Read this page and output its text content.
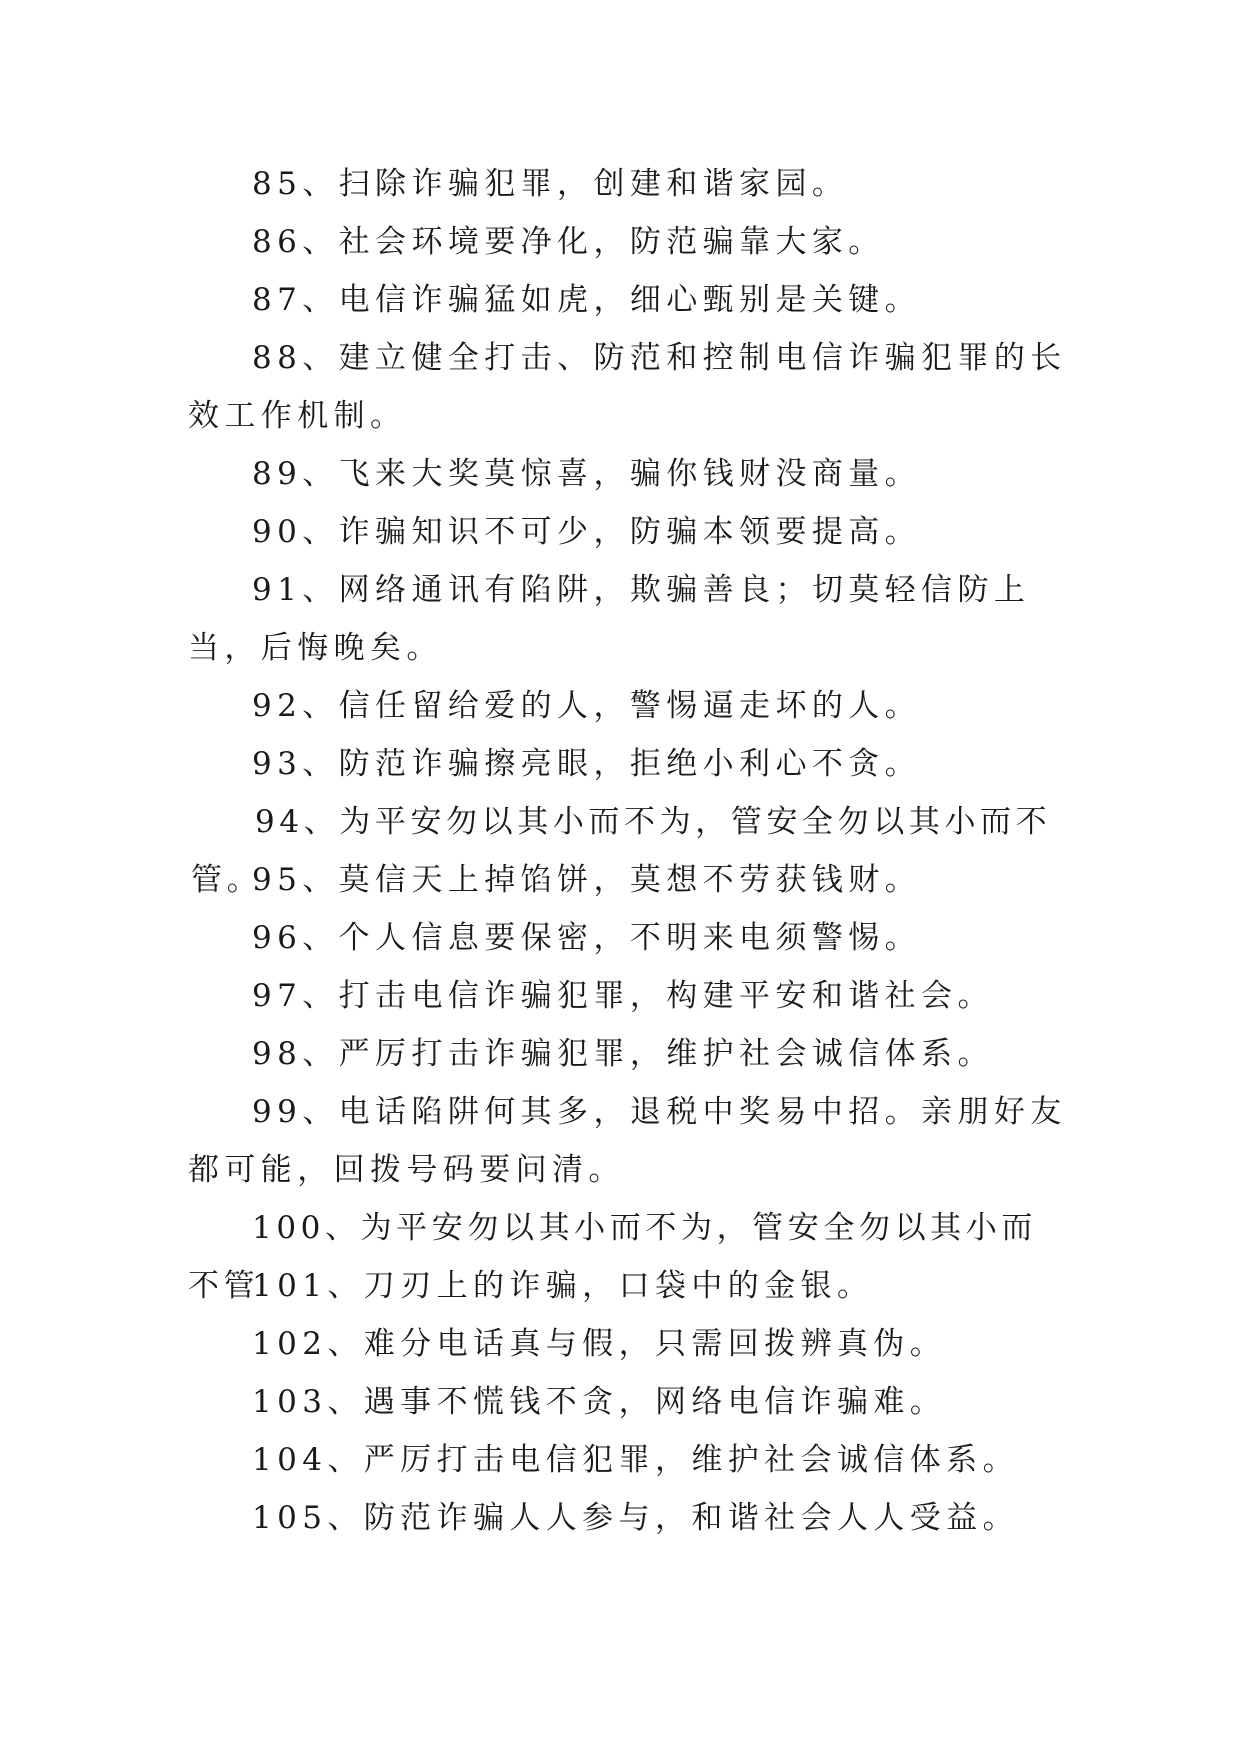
85、扫除诈骗犯罪，创建和谐家园。

86、社会环境要净化，防范骗靠大家。

87、电信诈骗猛如虎，细心甄别是关键。

88、建立健全打击、防范和控制电信诈骗犯罪的长效工作机制。

89、飞来大奖莫惊喜，骗你钱财没商量。

90、诈骗知识不可少，防骗本领要提高。

91、网络通讯有陷阱，欺骗善良；切莫轻信防上当，后悔晚矣。

92、信任留给爱的人，警惕逼走坏的人。

93、防范诈骗擦亮眼，拒绝小利心不贪。

94、为平安勿以其小而不为，管安全勿以其小而不管。

95、莫信天上掉馅饼，莫想不劳获钱财。

96、个人信息要保密，不明来电须警惕。

97、打击电信诈骗犯罪，构建平安和谐社会。

98、严厉打击诈骗犯罪，维护社会诚信体系。

99、电话陷阱何其多，退税中奖易中招。亲朋好友都可能，回拨号码要问清。

100、为平安勿以其小而不为，管安全勿以其小而不管

101、刀刃上的诈骗，口袋中的金银。

102、难分电话真与假，只需回拨辨真伪。

103、遇事不慌钱不贪，网络电信诈骗难。

104、严厉打击电信犯罪，维护社会诚信体系。

105、防范诈骗人人参与，和谐社会人人受益。
